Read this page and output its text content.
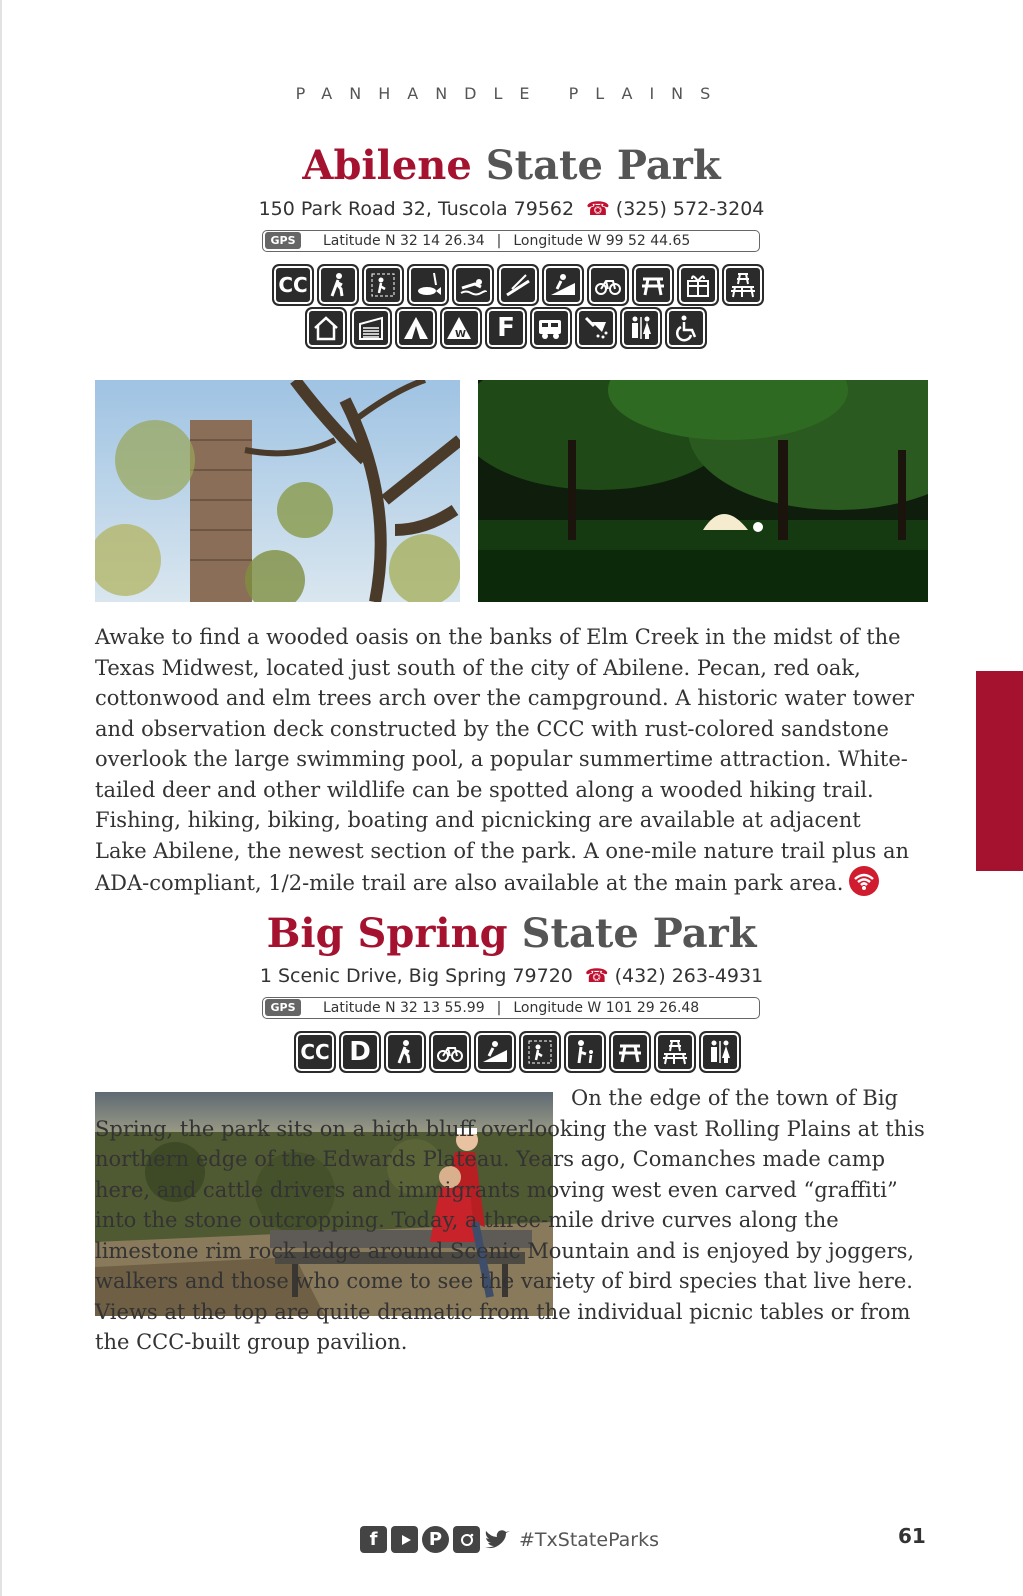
PANHANDLE PLAINS
Abilene State Park
150 Park Road 32, Tuscola 79562 ☎ (325) 572-3204
GPS	Latitude N 32 14 26.34 | Longitude W 99 52 44.65
CC
W	F

Awake to find a wooded oasis on the banks of Elm Creek in the midst of the Texas Midwest, located just south of the city of Abilene. Pecan, red oak, cottonwood and elm trees arch over the campground. A historic water tower and observation deck constructed by the CCC with rust-colored sandstone overlook the large swimming pool, a popular summertime attraction. White-tailed deer and other wildlife can be spotted along a wooded hiking trail. Fishing, hiking, biking, boating and picnicking are available at adjacent Lake Abilene, the newest section of the park. A one-mile nature trail plus an ADA-compliant, 1/2-mile trail are also available at the main park area.

Big Spring State Park
1 Scenic Drive, Big Spring 79720 ☎ (432) 263-4931
GPS	Latitude N 32 13 55.99 | Longitude W 101 29 26.48
CC D

On the edge of the town of Big Spring, the park sits on a high bluff overlooking the vast Rolling Plains at this northern edge of the Edwards Plateau. Years ago, Comanches made camp here, and cattle drivers and immigrants moving west even carved “graffiti” into the stone outcropping. Today, a three-mile drive curves along the limestone rim rock ledge around Scenic Mountain and is enjoyed by joggers, walkers and those who come to see the variety of bird species that live here. Views at the top are quite dramatic from the individual picnic tables or from the CCC-built group pavilion.

f	P	#TxStateParks	61
